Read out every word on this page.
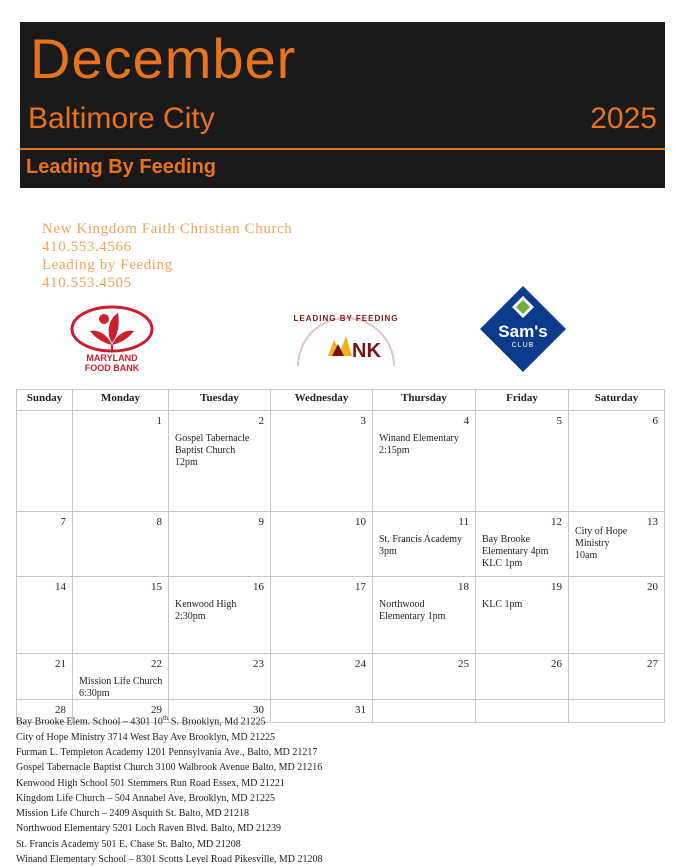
December
Baltimore City	2025
Leading By Feeding
New Kingdom Faith Christian Church
410.553.4566
Leading by Feeding
410.553.4505
MARYLAND
FOOD BANK
LEADING BY FEEDING
NK
Sam's
CLUB
Sunday	Monday	Tuesday	Wednesday	Thursday	Friday	Saturday

	1	2
Gospel Tabernacle
Baptist Church
12pm	3	4
Winand Elementary
2:15pm	5	6

7	8	9	10	11
St. Francis Academy
3pm	12
Bay Brooke
Elementary 4pm
KLC 1pm	13
City of Hope
Ministry
10am

14	15	16
Kenwood High
2:30pm	17	18
Northwood
Elementary 1pm	19
KLC 1pm	20

21	22
Mission Life Church
6:30pm	23	24	25	26	27

28	29	30	31			

Bay Brooke Elem. School – 4301 10th S. Brooklyn, Md 21225
City of Hope Ministry 3714 West Bay Ave Brooklyn, MD 21225
Furman L. Templeton Academy 1201 Pennsylvania Ave., Balto, MD 21217
Gospel Tabernacle Baptist Church 3100 Walbrook Avenue Balto, MD 21216
Kenwood High School 501 Stemmers Run Road Essex, MD 21221
Kingdom Life Church – 504 Annabel Ave, Brooklyn, MD 21225
Mission Life Church – 2409 Asquith St. Balto, MD 21218
Northwood Elementary 5201 Loch Raven Blvd. Balto, MD 21239
St. Francis Academy 501 E. Chase St. Balto, MD 21208
Winand Elementary School – 8301 Scotts Level Road Pikesville, MD 21208
